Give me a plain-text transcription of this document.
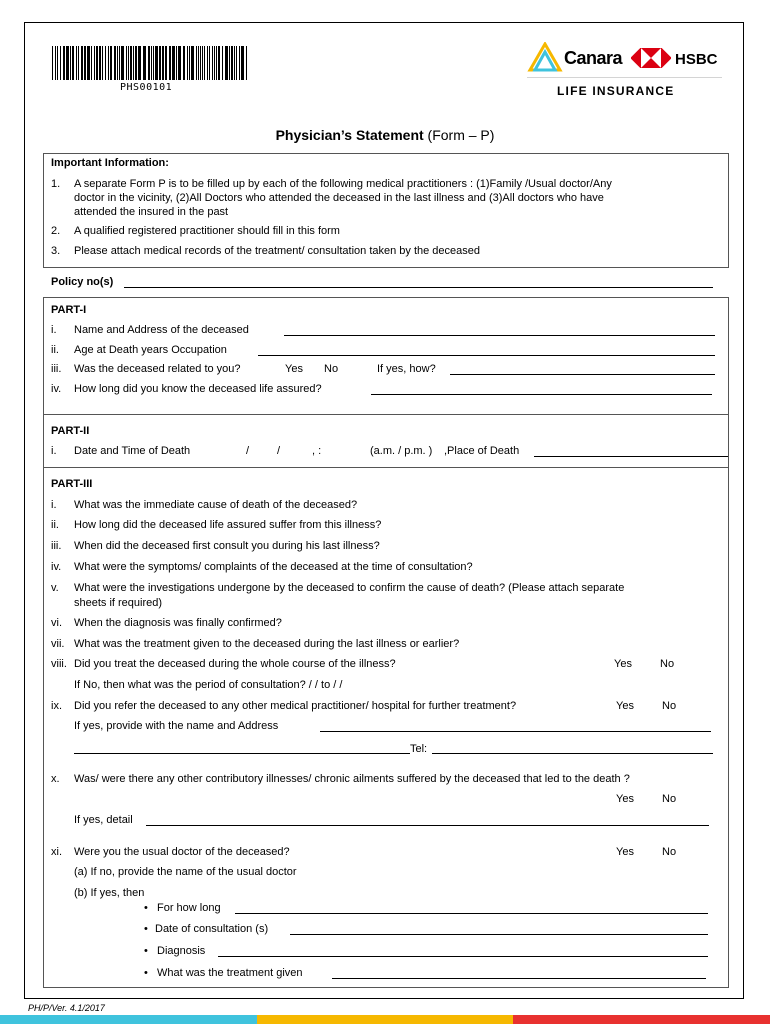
PHS00101
Canara	HSBC
LIFE INSURANCE
Physician’s Statement (Form – P)
Important Information:
1. A separate Form P is to be filled up by each of the following medical practitioners : (1)Family /Usual doctor/Any
doctor in the vicinity, (2)All Doctors who attended the deceased in the last illness and (3)All doctors who have
attended the insured in the past
2. A qualified registered practitioner should fill in this form
3. Please attach medical records of the treatment/ consultation taken by the deceased
Policy no(s)
PART-I
i. Name and Address of the deceased
ii. Age at Death years Occupation
iii. Was the deceased related to you?	Yes No	If yes, how?
iv. How long did you know the deceased life assured?
PART-II
i. Date and Time of Death	/	/	, :	(a.m. / p.m. ) ,Place of Death
PART-III
i. What was the immediate cause of death of the deceased?
ii. How long did the deceased life assured suffer from this illness?
iii. When did the deceased first consult you during his last illness?
iv. What were the symptoms/ complaints of the deceased at the time of consultation?
v. What were the investigations undergone by the deceased to confirm the cause of death? (Please attach separate
sheets if required)
vi. When the diagnosis was finally confirmed?
vii. What was the treatment given to the deceased during the last illness or earlier?
viii. Did you treat the deceased during the whole course of the illness?	Yes	No
If No, then what was the period of consultation? / / to / /
ix. Did you refer the deceased to any other medical practitioner/ hospital for further treatment?	Yes	No
If yes, provide with the name and Address
Tel:
x. Was/ were there any other contributory illnesses/ chronic ailments suffered by the deceased that led to the death ?
Yes	No
If yes, detail
xi. Were you the usual doctor of the deceased?	Yes	No
(a) If no, provide the name of the usual doctor
(b) If yes, then
• For how long
• Date of consultation (s)
• Diagnosis
• What was the treatment given
PH/P/Ver. 4.1/2017
